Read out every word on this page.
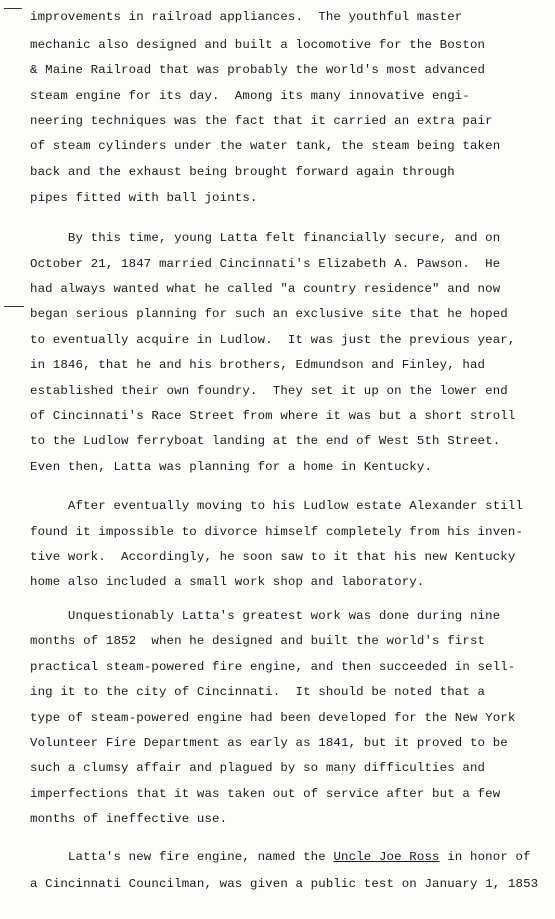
improvements in railroad appliances.  The youthful master
mechanic also designed and built a locomotive for the Boston
& Maine Railroad that was probably the world's most advanced
steam engine for its day.  Among its many innovative engi-
neering techniques was the fact that it carried an extra pair
of steam cylinders under the water tank, the steam being taken
back and the exhaust being brought forward again through
pipes fitted with ball joints.
By this time, young Latta felt financially secure, and on
October 21, 1847 married Cincinnati's Elizabeth A. Pawson.  He
had always wanted what he called "a country residence" and now
began serious planning for such an exclusive site that he hoped
to eventually acquire in Ludlow.  It was just the previous year,
in 1846, that he and his brothers, Edmundson and Finley, had
established their own foundry.  They set it up on the lower end
of Cincinnati's Race Street from where it was but a short stroll
to the Ludlow ferryboat landing at the end of West 5th Street.
Even then, Latta was planning for a home in Kentucky.
After eventually moving to his Ludlow estate Alexander still
found it impossible to divorce himself completely from his inven-
tive work.  Accordingly, he soon saw to it that his new Kentucky
home also included a small work shop and laboratory.
Unquestionably Latta's greatest work was done during nine
months of 1852  when he designed and built the world's first
practical steam-powered fire engine, and then succeeded in sell-
ing it to the city of Cincinnati.  It should be noted that a
type of steam-powered engine had been developed for the New York
Volunteer Fire Department as early as 1841, but it proved to be
such a clumsy affair and plagued by so many difficulties and
imperfections that it was taken out of service after but a few
months of ineffective use.
Latta's new fire engine, named the Uncle Joe Ross in honor of
a Cincinnati Councilman, was given a public test on January 1, 1853
